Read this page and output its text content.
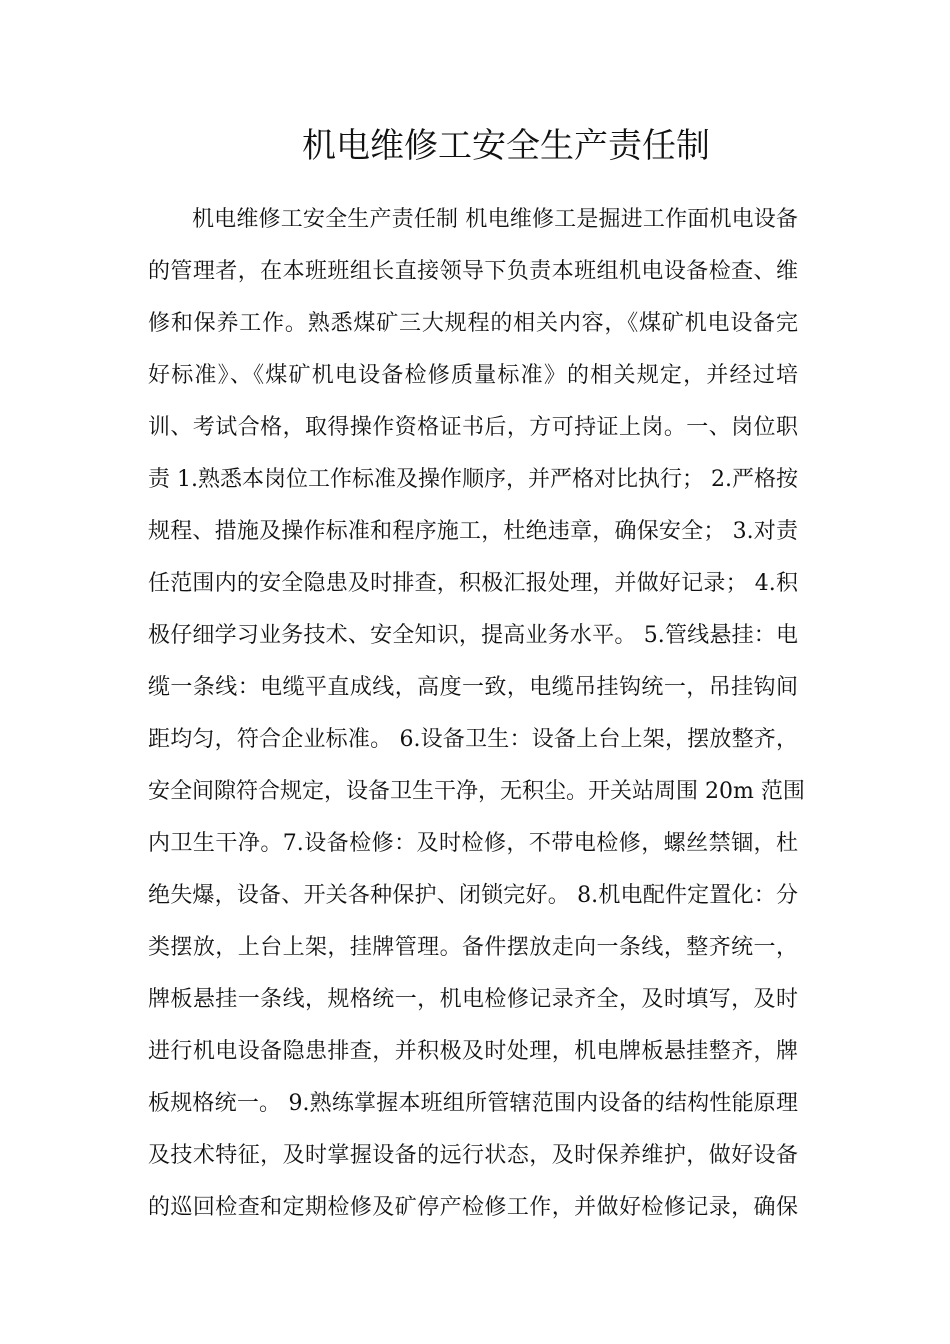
机电维修工安全生产责任制
机电维修工安全生产责任制 机电维修工是掘进工作面机电设备
的管理者，在本班班组长直接领导下负责本班组机电设备检查、维
修和保养工作。熟悉煤矿三大规程的相关内容，《煤矿机电设备完
好标准》、《煤矿机电设备检修质量标准》的相关规定，并经过培
训、考试合格，取得操作资格证书后，方可持证上岗。一、岗位职
责 1.熟悉本岗位工作标准及操作顺序，并严格对比执行； 2.严格按
规程、措施及操作标准和程序施工，杜绝违章，确保安全； 3.对责
任范围内的安全隐患及时排查，积极汇报处理，并做好记录； 4.积
极仔细学习业务技术、安全知识，提高业务水平。 5.管线悬挂：电
缆一条线：电缆平直成线，高度一致，电缆吊挂钩统一，吊挂钩间
距均匀，符合企业标准。 6.设备卫生：设备上台上架，摆放整齐，
安全间隙符合规定，设备卫生干净，无积尘。开关站周围 20m 范围
内卫生干净。7.设备检修：及时检修，不带电检修，螺丝禁锢，杜
绝失爆，设备、开关各种保护、闭锁完好。 8.机电配件定置化：分
类摆放，上台上架，挂牌管理。备件摆放走向一条线，整齐统一，
牌板悬挂一条线，规格统一，机电检修记录齐全，及时填写，及时
进行机电设备隐患排查，并积极及时处理，机电牌板悬挂整齐，牌
板规格统一。 9.熟练掌握本班组所管辖范围内设备的结构性能原理
及技术特征，及时掌握设备的远行状态，及时保养维护，做好设备
的巡回检查和定期检修及矿停产检修工作，并做好检修记录，确保
